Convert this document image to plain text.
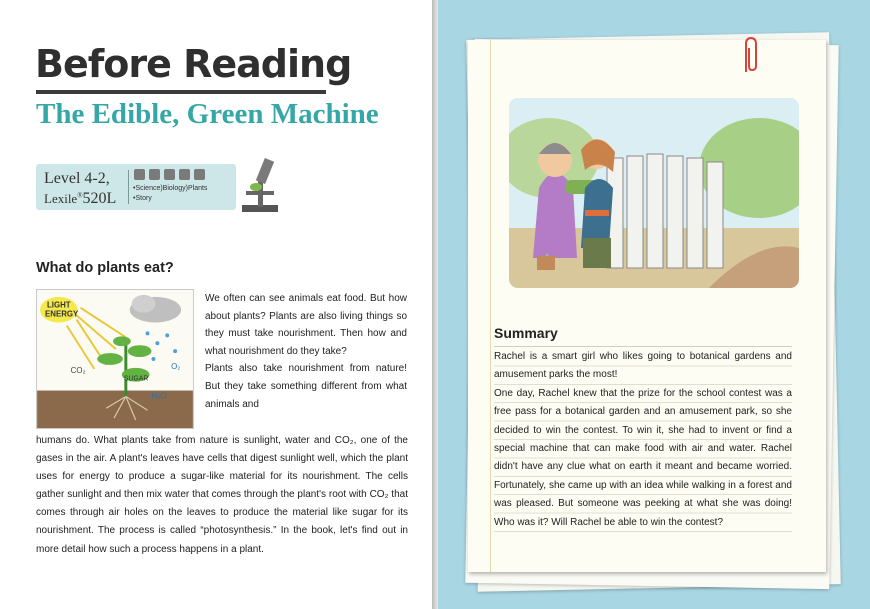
Before Reading
The Edible, Green Machine
Level 4-2,
Lexile®520L
•Science)Biology)Plants
•Story
What do plants eat?
LIGHT
ENERGY
CO₂
SUGAR
O₂
H₂O

We often can see animals eat food. But how about plants? Plants are also living things so they must take nourishment. Then how and what nourishment do they take?

Plants also take nourishment from nature! But they take something different from what animals and

humans do. What plants take from nature is sunlight, water and CO₂, one of the gases in the air. A plant's leaves have cells that digest sunlight well, which the plant uses for energy to produce a sugar-like material for its nourishment. The cells gather sunlight and then mix water that comes through the plant's root with CO₂ that comes through air holes on the leaves to produce the material like sugar for its nourishment. The process is called “photosynthesis.” In the book, let's find out in more detail how such a process happens in a plant.

Summary

Rachel is a smart girl who likes going to botanical gardens and amusement parks the most!

One day, Rachel knew that the prize for the school contest was a free pass for a botanical garden and an amusement park, so she decided to win the contest. To win it, she had to invent or find a special machine that can make food with air and water. Rachel didn't have any clue what on earth it meant and became worried. Fortunately, she came up with an idea while walking in a forest and was pleased. But someone was peeking at what she was doing! Who was it? Will Rachel be able to win the contest?
